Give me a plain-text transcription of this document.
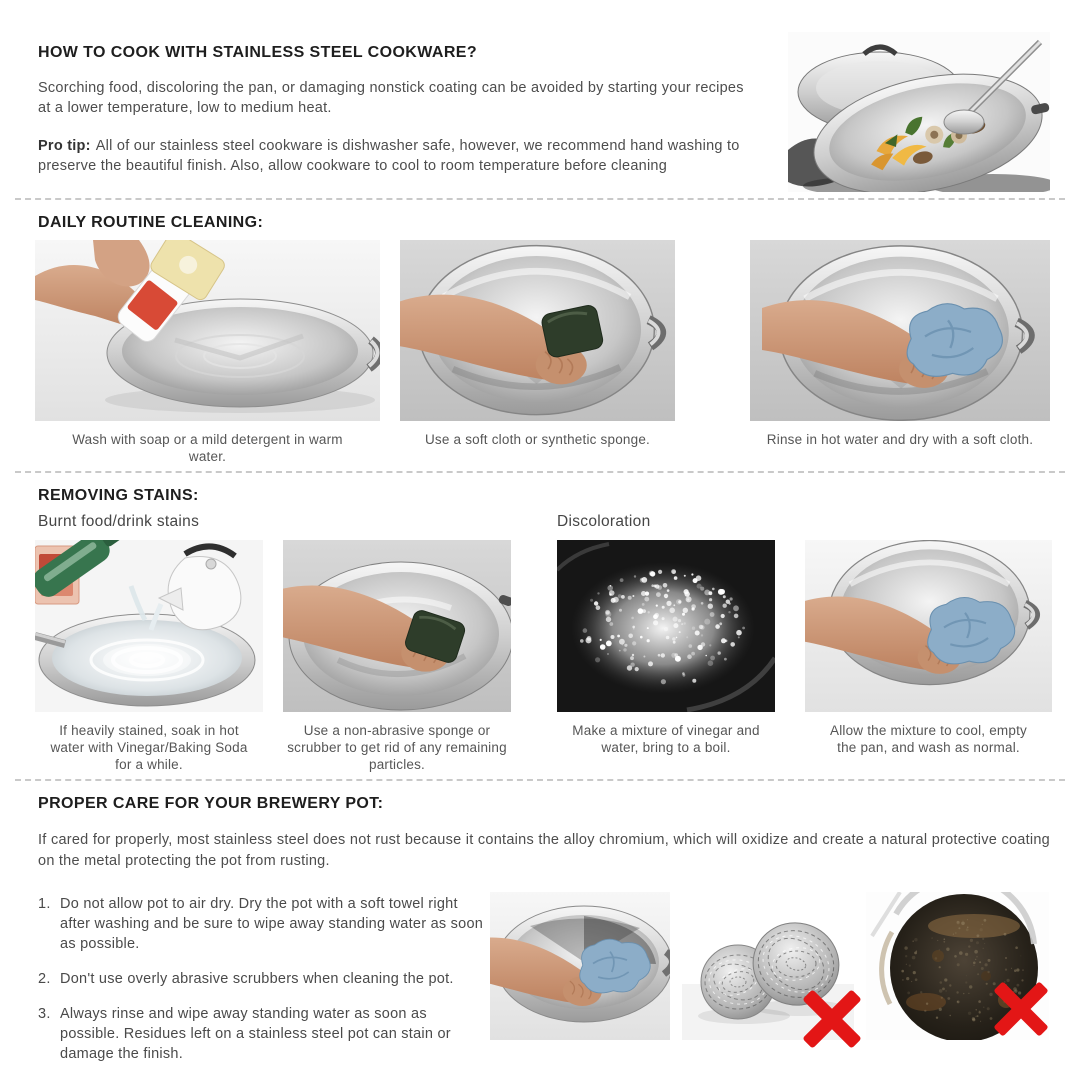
HOW TO COOK WITH STAINLESS STEEL COOKWARE?

Scorching food, discoloring the pan, or damaging nonstick coating can be avoided by starting your recipes at a lower temperature, low to medium heat.

Pro tip: All of our stainless steel cookware is dishwasher safe, however, we recommend hand washing to preserve the beautiful finish. Also, allow cookware to cool to room temperature before cleaning

DAILY ROUTINE CLEANING:
Wash with soap or a mild detergent in warm water.
Use a soft cloth or synthetic sponge.	Rinse in hot water and dry with a soft cloth.
REMOVING STAINS:
Burnt food/drink stains	Discoloration
If heavily stained, soak in hot water with Vinegar/Baking Soda for a while.
Use a non-abrasive sponge or scrubber to get rid of any remaining particles.
Make a mixture of vinegar and water, bring to a boil.
Allow the mixture to cool, empty the pan, and wash as normal.
PROPER CARE FOR YOUR BREWERY POT:

If cared for properly, most stainless steel does not rust because it contains the alloy chromium, which will oxidize and create a natural protective coating on the metal protecting the pot from rusting.

1. Do not allow pot to air dry. Dry the pot with a soft towel right after washing and be sure to wipe away standing water as soon as possible.
2. Don't use overly abrasive scrubbers when cleaning the pot.
3. Always rinse and wipe away standing water as soon as possible. Residues left on a stainless steel pot can stain or damage the finish.
